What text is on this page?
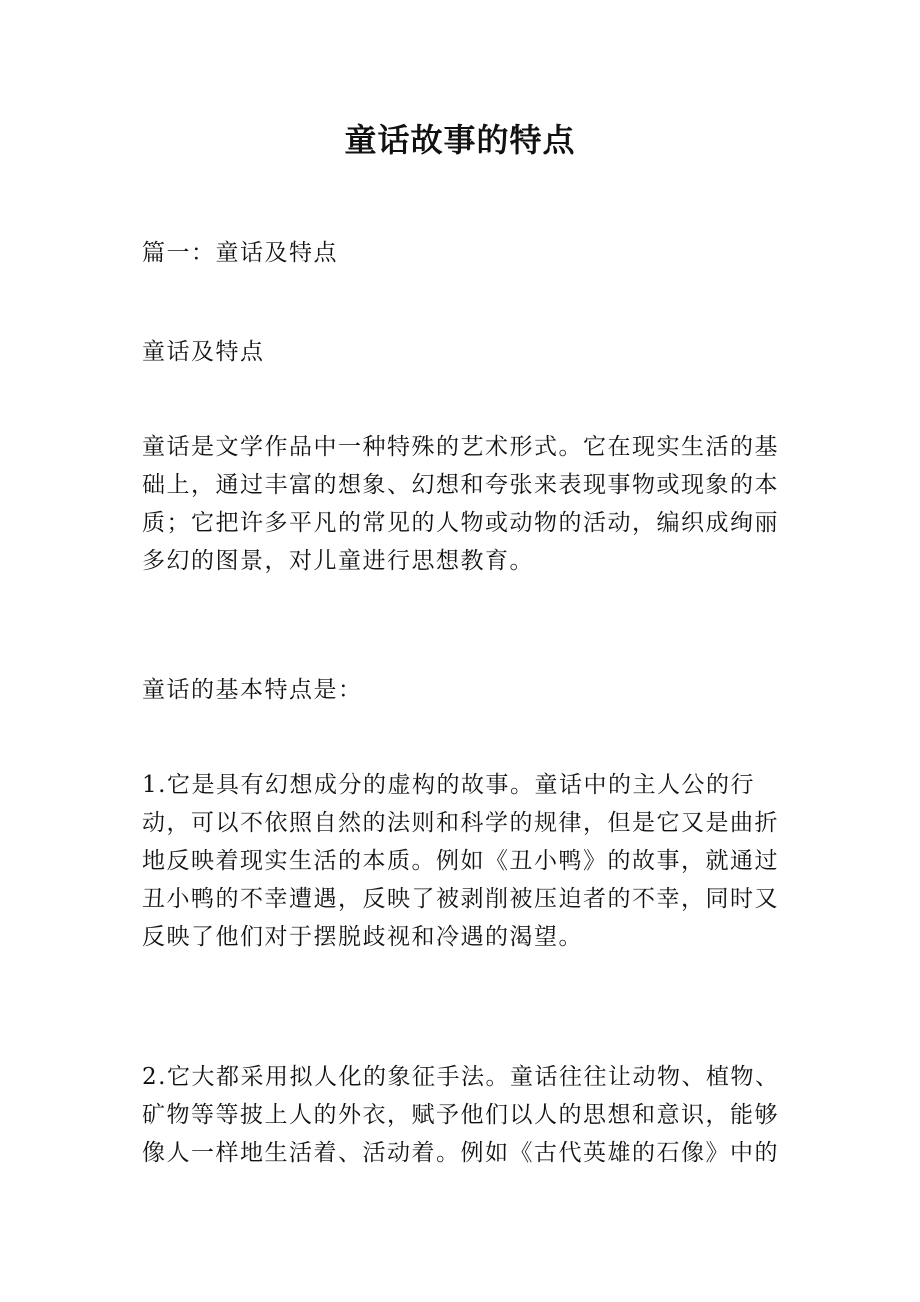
童话故事的特点

篇一：童话及特点

童话及特点

童话是文学作品中一种特殊的艺术形式。它在现实生活的基础上，通过丰富的想象、幻想和夸张来表现事物或现象的本质；它把许多平凡的常见的人物或动物的活动，编织成绚丽多幻的图景，对儿童进行思想教育。

童话的基本特点是：

1.它是具有幻想成分的虚构的故事。童话中的主人公的行动，可以不依照自然的法则和科学的规律，但是它又是曲折地反映着现实生活的本质。例如《丑小鸭》的故事，就通过丑小鸭的不幸遭遇，反映了被剥削被压迫者的不幸，同时又反映了他们对于摆脱歧视和冷遇的渴望。

2.它大都采用拟人化的象征手法。童话往往让动物、植物、矿物等等披上人的外衣，赋予他们以人的思想和意识，能够像人一样地生活着、活动着。例如《古代英雄的石像》中的
